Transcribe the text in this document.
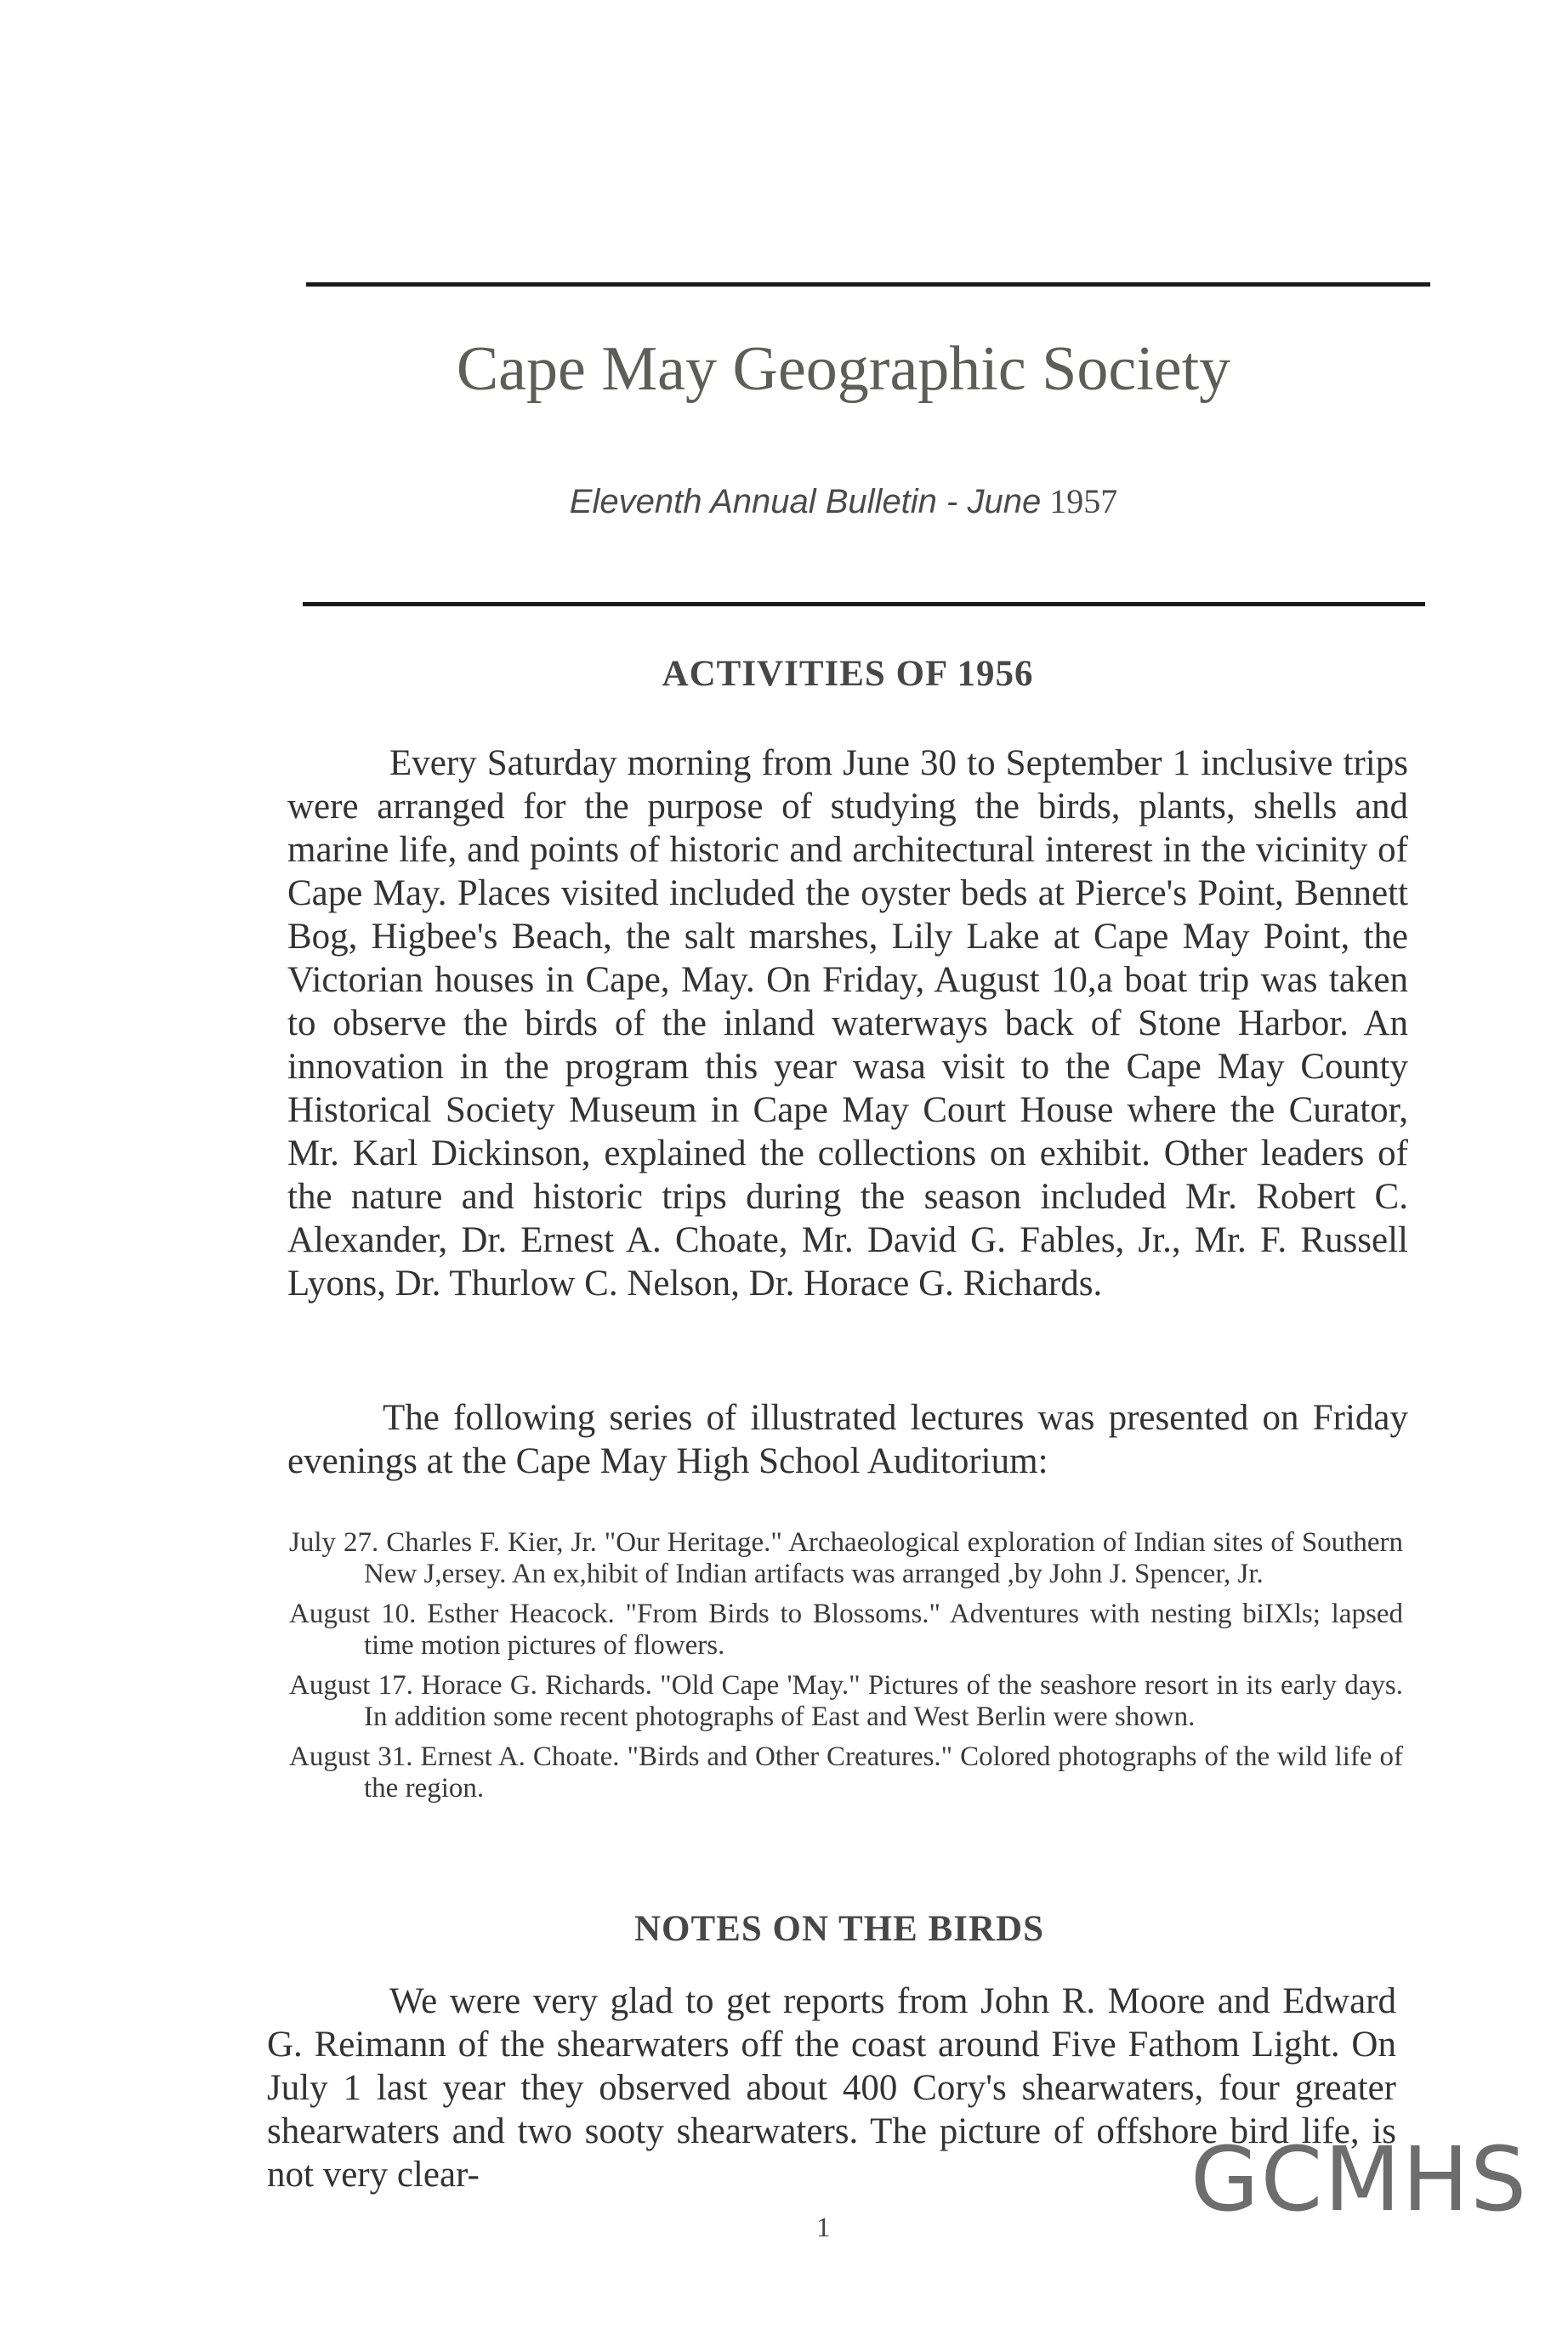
Cape May Geographic Society
Eleventh Annual Bulletin - June 1957
ACTIVITIES OF 1956
Every Saturday morning from June 30 to September 1 inclusive trips were arranged for the purpose of studying the birds, plants, shells and marine life, and points of historic and architectural interest in the vicinity of Cape May. Places visited included the oyster beds at Pierce's Point, Bennett Bog, Higbee's Beach, the salt marshes, Lily Lake at Cape May Point, the Victorian houses in Cape, May. On Friday, August 10,a boat trip was taken to observe the birds of the inland waterways back of Stone Harbor. An innovation in the program this year wasa visit to the Cape May County Historical Society Museum in Cape May Court House where the Curator, Mr. Karl Dickinson, explained the collections on exhibit. Other leaders of the nature and historic trips during the season included Mr. Robert C. Alexander, Dr. Ernest A. Choate, Mr. David G. Fables, Jr., Mr. F. Russell Lyons, Dr. Thurlow C. Nelson, Dr. Horace G. Richards.
The following series of illustrated lectures was presented on Friday evenings at the Cape May High School Auditorium:
July 27. Charles F. Kier, Jr. "Our Heritage." Archaeological exploration of Indian sites of Southern New J,ersey. An ex,hibit of Indian artifacts was arranged ,by John J. Spencer, Jr.
August 10. Esther Heacock. "From Birds to Blossoms." Adventures with nesting biIXls; lapsed time motion pictures of flowers.
August 17. Horace G. Richards. "Old Cape 'May." Pictures of the seashore resort in its early days. In addition some recent photographs of East and West Berlin were shown.
August 31. Ernest A. Choate. "Birds and Other Creatures." Colored photographs of the wild life of the region.
NOTES ON THE BIRDS
We were very glad to get reports from John R. Moore and Edward G. Reimann of the shearwaters off the coast around Five Fathom Light. On July 1 last year they observed about 400 Cory's shearwaters, four greater shearwaters and two sooty shearwaters. The picture of offshore bird life, is not very clear-
1	GCMHS
